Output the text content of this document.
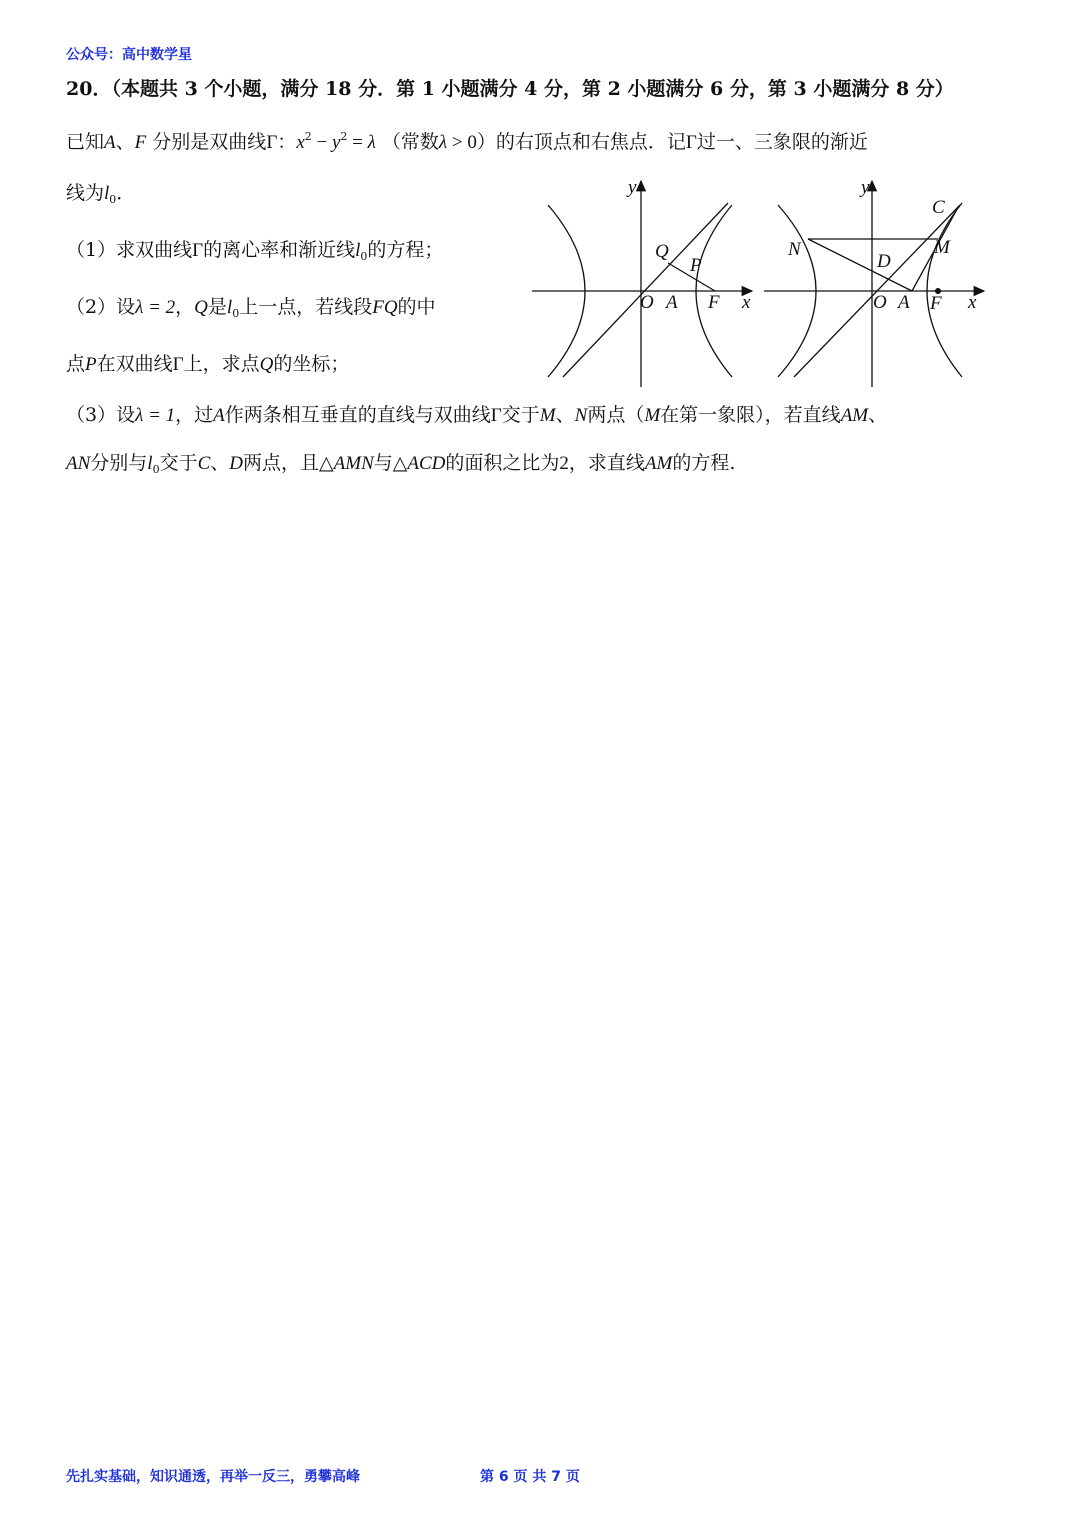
公众号：高中数学星
20．（本题共 3 个小题，满分 18 分．第 1 小题满分 4 分，第 2 小题满分 6 分，第 3 小题满分 8 分）
已知A、F 分别是双曲线Γ：$x^2 - y^2 = \lambda$ （常数λ > 0）的右顶点和右焦点．记Γ过一、三象限的渐近
线为$l_0$．
（1）求双曲线Γ的离心率和渐近线$l_0$的方程；
（2）设λ = 2，Q是$l_0$上一点，若线段FQ的中
点P在双曲线Γ上，求点Q的坐标；
（3）设λ = 1，过A作两条相互垂直的直线与双曲线Γ交于M、N两点（M在第一象限），若直线AM、
AN分别与$l_0$交于C、D两点，且△AMN与△ACD的面积之比为2，求直线AM的方程.
y
x
O A F
Q
P
y
x
O A F
C
M
N
D
先扎实基础，知识通透，再举一反三，勇攀高峰	第 6 页 共 7 页
